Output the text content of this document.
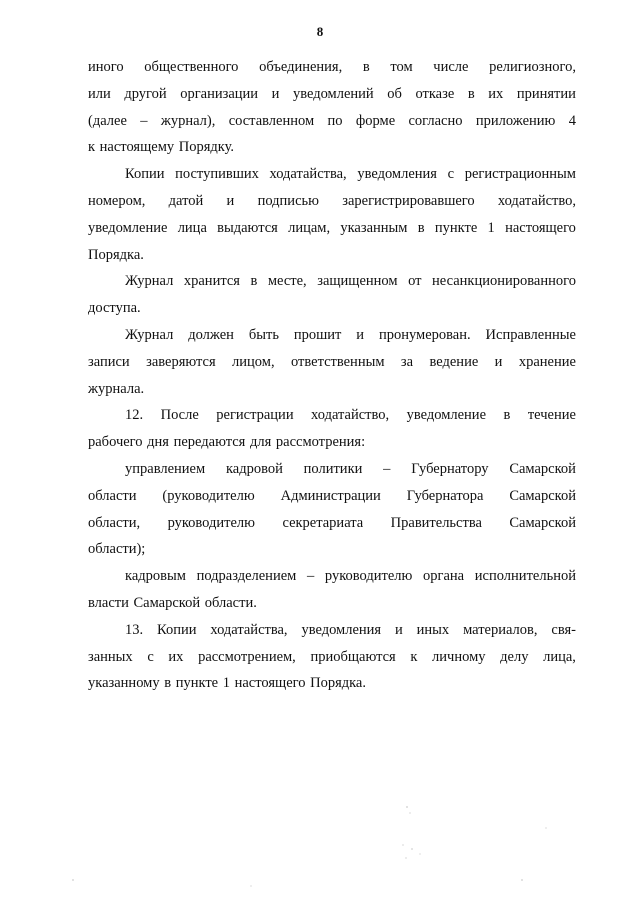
8
иного общественного объединения, в том числе религиозного,
или другой организации и уведомлений об отказе в их принятии
(далее – журнал), составленном по форме согласно приложению 4
к настоящему Порядку.
Копии поступивших ходатайства, уведомления с регистрационным
номером, датой и подписью зарегистрировавшего ходатайство,
уведомление лица выдаются лицам, указанным в пункте 1 настоящего
Порядка.
Журнал хранится в месте, защищенном от несанкционированного
доступа.
Журнал должен быть прошит и пронумерован. Исправленные
записи заверяются лицом, ответственным за ведение и хранение
журнала.
12. После регистрации ходатайство, уведомление в течение
рабочего дня передаются для рассмотрения:
управлением кадровой политики – Губернатору Самарской
области (руководителю Администрации Губернатора Самарской
области, руководителю секретариата Правительства Самарской
области);
кадровым подразделением – руководителю органа исполнительной
власти Самарской области.
13. Копии ходатайства, уведомления и иных материалов, свя-
занных с их рассмотрением, приобщаются к личному делу лица,
указанному в пункте 1 настоящего Порядка.
